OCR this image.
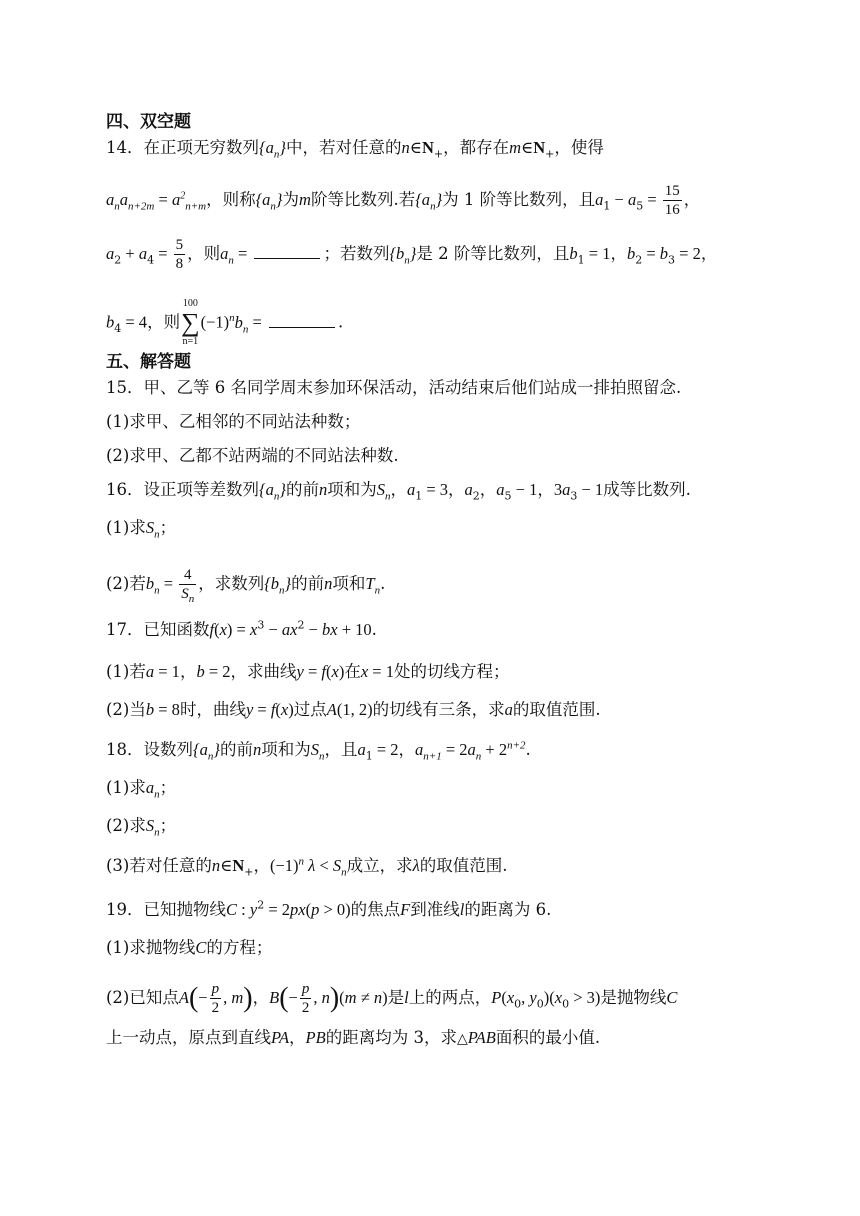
四、双空题
14．在正项无穷数列$\{a_n\}$中，若对任意的$n\in N_+$，都存在$m\in N_+$，使得
$a_na_{n+2m} = a^2_{n+m}$，则称$\{a_n\}$为m阶等比数列.若$\{a_n\}$为 1 阶等比数列，且$a_1 - a_5 = \frac{15}{16}$ ，
$a_2 + a_4 = \frac{5}{8}$ ，则$a_n$ =	；若数列$\{b_n\}$是 2 阶等比数列，且$b_1 = 1$，$b_2 = b_3 = 2$，
$b_4 = 4$，则
100
∑
n=1
$(-1)^nb_n$ =	.
五、解答题
15．甲、乙等 6 名同学周末参加环保活动，活动结束后他们站成一排拍照留念.
(1)求甲、乙相邻的不同站法种数；
(2)求甲、乙都不站两端的不同站法种数.
16．设正项等差数列$\{a_n\}$的前n项和为$S_n$，$a_1 = 3$，$a_2$，$a_5 - 1$，$3a_3 - 1$成等比数列.
(1)求$S_n$；
(2)若$b_n = \frac{4}{S_n}$ ，求数列$\{b_n\}$的前n项和$T_n$.
17．已知函数$f(x) = x^3 - ax^2$ − bx + 10.
(1)若a = 1，b = 2，求曲线y = f(x)在x = 1处的切线方程；
(2)当b = 8时，曲线y = f(x)过点A(1, 2)的切线有三条，求a的取值范围.
18．设数列$\{a_n\}$的前n项和为$S_n$，且$a_1 = 2$，$a_{n+1} = 2a_n + 2^{n+2}$.
(1)求$a_n$；
(2)求$S_n$；
(3)若对任意的$n\in N_+$，$(-1)^n$ $\lambda < S_n$成立，求λ的取值范围.
19．已知抛物线C : $y^2 = 2px(p > 0)$的焦点F到准线l的距离为 6.
(1)求抛物线C的方程；
(2)已知点$A(- \frac{p}{2}$ , m)，$B(- \frac{p}{2}$ , n)(m ≠ n)是l上的两点，$P(x_0$, $y_0)(x_0 > 3)$是抛物线C
上一动点，原点到直线PA，PB的距离均为 3，求△PAB面积的最小值.
